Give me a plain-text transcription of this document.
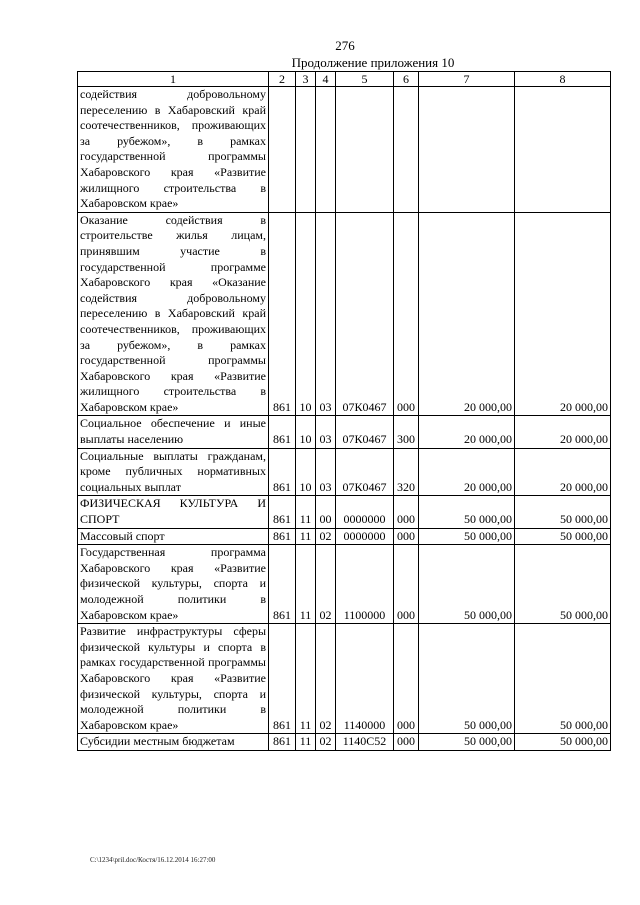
276
Продолжение приложения 10
1	2	3	4	5	6	7	8
содействия добровольному переселению в Хабаровский край соотечественников, проживающих за рубежом», в рамках государственной программы Хабаровского края «Развитие жилищного строительства в Хабаровском крае»							
Оказание содействия в строительстве жилья лицам, принявшим участие в государственной программе Хабаровского края «Оказание содействия добровольному переселению в Хабаровский край соотечественников, проживающих за рубежом», в рамках государственной программы Хабаровского края «Развитие жилищного строительства в Хабаровском крае»	861	10	03	07К0467	000	20 000,00	20 000,00
Социальное обеспечение и иные выплаты населению	861	10	03	07К0467	300	20 000,00	20 000,00
Социальные выплаты гражданам, кроме публичных нормативных социальных выплат	861	10	03	07К0467	320	20 000,00	20 000,00
ФИЗИЧЕСКАЯ КУЛЬТУРА И СПОРТ	861	11	00	0000000	000	50 000,00	50 000,00
Массовый спорт	861	11	02	0000000	000	50 000,00	50 000,00
Государственная программа Хабаровского края «Развитие физической культуры, спорта и молодежной политики в Хабаровском крае»	861	11	02	1100000	000	50 000,00	50 000,00
Развитие инфраструктуры сферы физической культуры и спорта в рамках государственной программы Хабаровского края «Развитие физической культуры, спорта и молодежной политики в Хабаровском крае»	861	11	02	1140000	000	50 000,00	50 000,00
Субсидии местным бюджетам	861	11	02	1140С52	000	50 000,00	50 000,00
C:\1234\pril.doc/Костя/16.12.2014 16:27:00
